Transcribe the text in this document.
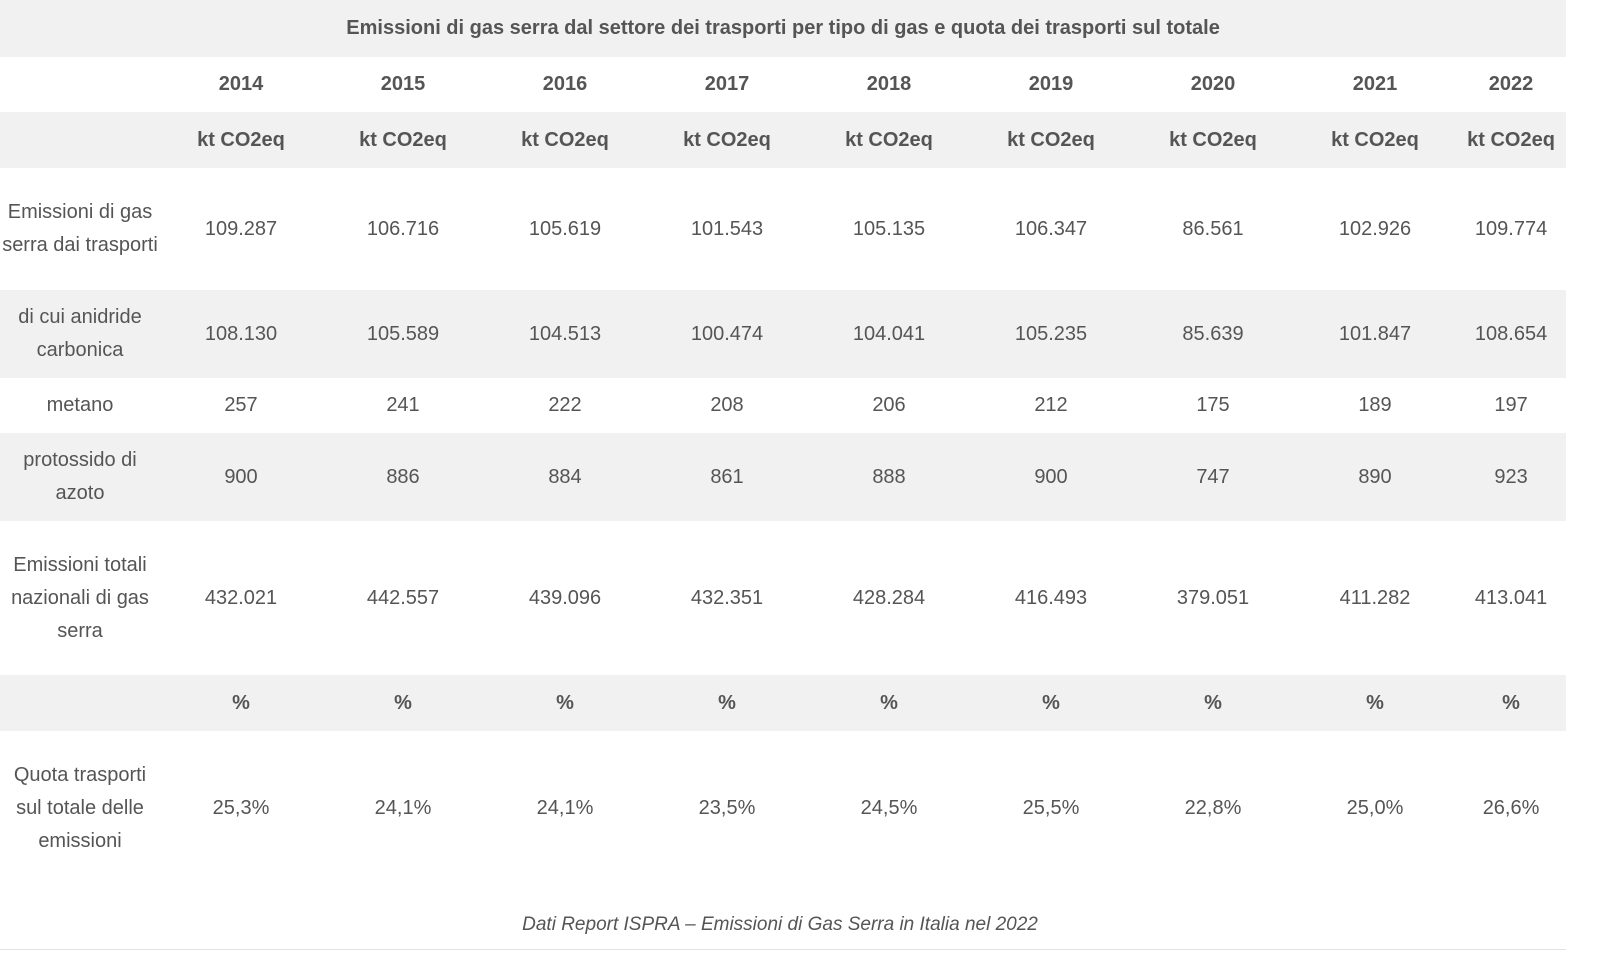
Emissioni di gas serra dal settore dei trasporti per tipo di gas e quota dei trasporti sul totale									
	2014	2015	2016	2017	2018	2019	2020	2021	2022
	kt CO2eq	kt CO2eq	kt CO2eq	kt CO2eq	kt CO2eq	kt CO2eq	kt CO2eq	kt CO2eq	kt CO2eq
Emissioni di gas serra dai trasporti	109.287	106.716	105.619	101.543	105.135	106.347	86.561	102.926	109.774
di cui anidride carbonica	108.130	105.589	104.513	100.474	104.041	105.235	85.639	101.847	108.654
metano	257	241	222	208	206	212	175	189	197
protossido di azoto	900	886	884	861	888	900	747	890	923
Emissioni totali nazionali di gas serra	432.021	442.557	439.096	432.351	428.284	416.493	379.051	411.282	413.041
	%	%	%	%	%	%	%	%	%
Quota trasporti sul totale delle emissioni	25,3%	24,1%	24,1%	23,5%	24,5%	25,5%	22,8%	25,0%	26,6%
Dati Report ISPRA – Emissioni di Gas Serra in Italia nel 2022
